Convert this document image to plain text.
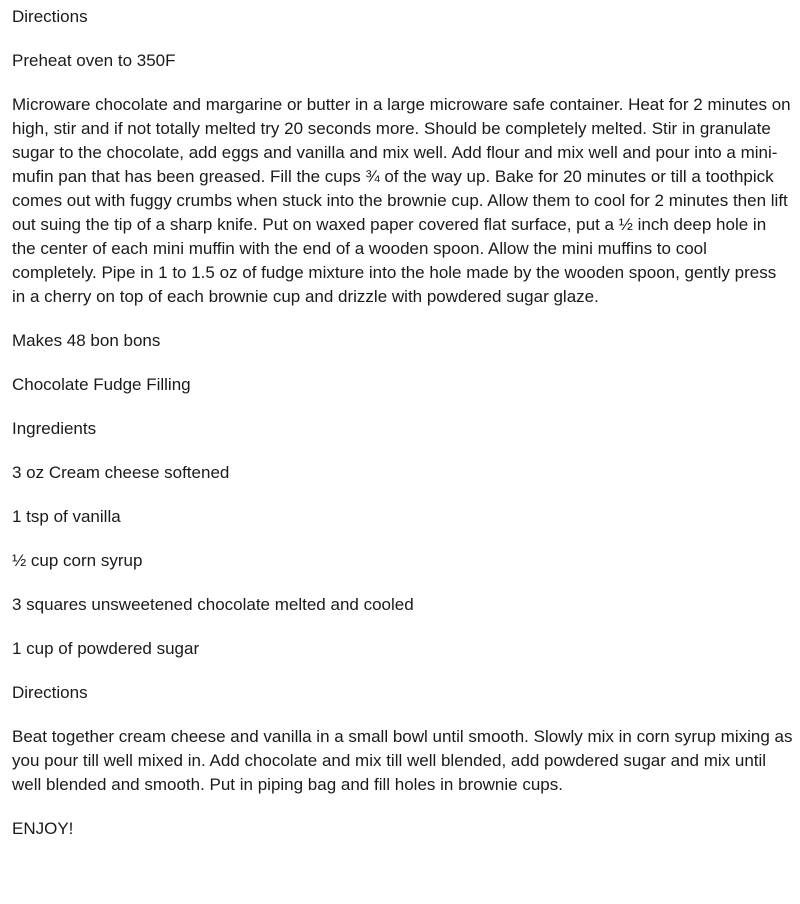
Directions

Preheat oven to 350F

Microware chocolate and margarine or butter in a large microware safe container. Heat for 2 minutes on high, stir and if not totally melted try 20 seconds more. Should be completely melted. Stir in granulate sugar to the chocolate, add eggs and vanilla and mix well. Add flour and mix well and pour into a mini-mufin pan that has been greased. Fill the cups ¾ of the way up. Bake for 20 minutes or till a toothpick comes out with fuggy crumbs when stuck into the brownie cup. Allow them to cool for 2 minutes then lift out suing the tip of a sharp knife. Put on waxed paper covered flat surface, put a ½ inch deep hole in the center of each mini muffin with the end of a wooden spoon. Allow the mini muffins to cool completely. Pipe in 1 to 1.5 oz of fudge mixture into the hole made by the wooden spoon, gently press in a cherry on top of each brownie cup and drizzle with powdered sugar glaze.

Makes 48 bon bons

Chocolate Fudge Filling

Ingredients

3 oz Cream cheese softened

1 tsp of vanilla

½ cup corn syrup

3 squares unsweetened chocolate melted and cooled

1 cup of powdered sugar

Directions

Beat together cream cheese and vanilla in a small bowl until smooth. Slowly mix in corn syrup mixing as you pour till well mixed in. Add chocolate and mix till well blended, add powdered sugar and mix until well blended and smooth. Put in piping bag and fill holes in brownie cups.

ENJOY!
